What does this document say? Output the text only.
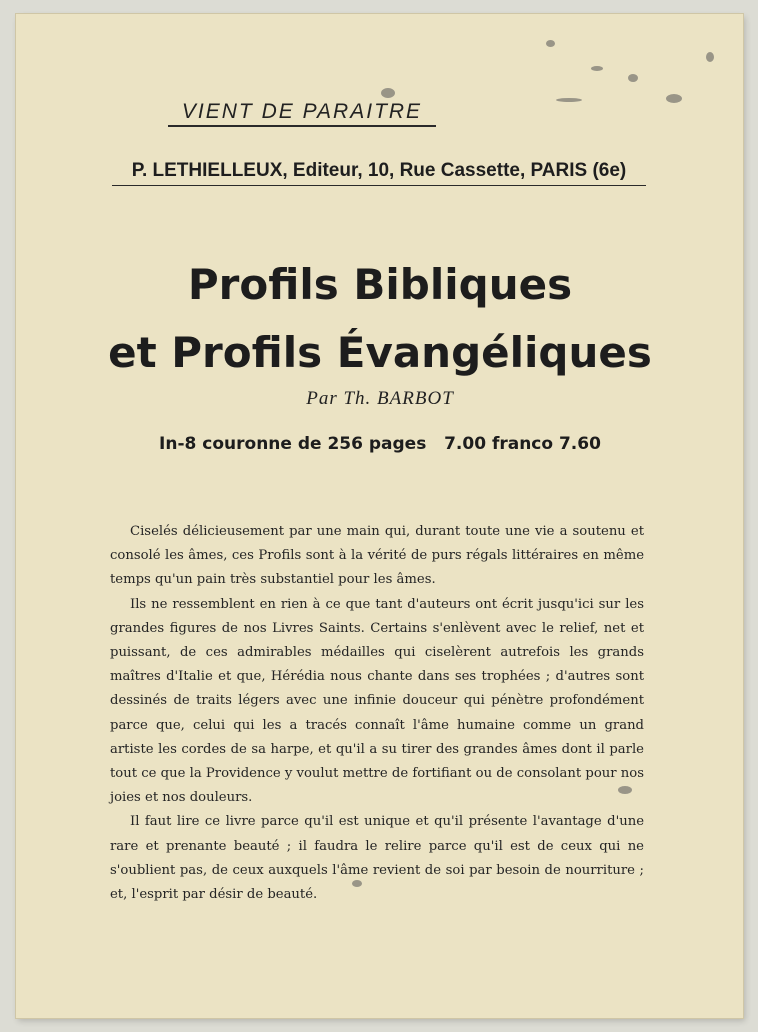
VIENT DE PARAITRE
P. LETHIELLEUX, Editeur, 10, Rue Cassette, PARIS (6e)
Profils Bibliques
et Profils Évangéliques
Par Th. BARBOT
In-8 couronne de 256 pages   7.00 franco 7.60

Ciselés délicieusement par une main qui, durant toute une vie a soutenu et consolé les âmes, ces Profils sont à la vérité de purs régals littéraires en même temps qu'un pain très substantiel pour les âmes.

Ils ne ressemblent en rien à ce que tant d'auteurs ont écrit jusqu'ici sur les grandes figures de nos Livres Saints. Certains s'enlèvent avec le relief, net et puissant, de ces admirables médailles qui ciselèrent autrefois les grands maîtres d'Italie et que, Hérédia nous chante dans ses trophées ; d'autres sont dessinés de traits légers avec une infinie douceur qui pénètre profondément parce que, celui qui les a tracés connaît l'âme humaine comme un grand artiste les cordes de sa harpe, et qu'il a su tirer des grandes âmes dont il parle tout ce que la Providence y voulut mettre de fortifiant ou de consolant pour nos joies et nos douleurs.

Il faut lire ce livre parce qu'il est unique et qu'il présente l'avantage d'une rare et prenante beauté ; il faudra le relire parce qu'il est de ceux qui ne s'oublient pas, de ceux auxquels l'âme revient de soi par besoin de nourriture ; et, l'esprit par désir de beauté.
